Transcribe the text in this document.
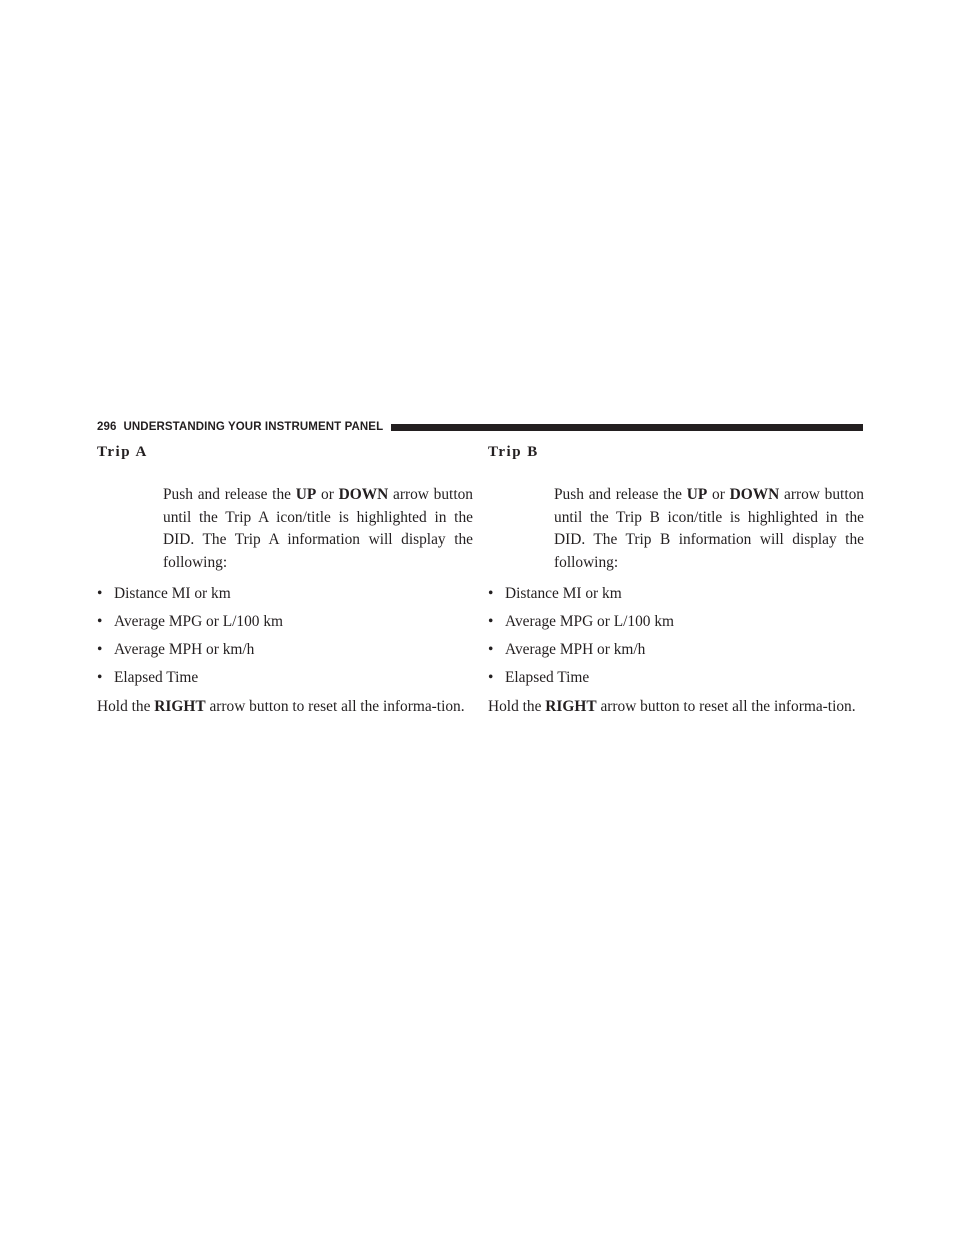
296 UNDERSTANDING YOUR INSTRUMENT PANEL
Trip A

Push and release the UP or DOWN arrow button until the Trip A icon/title is highlighted in the DID. The Trip A information will display the following:

• Distance MI or km
• Average MPG or L/100 km
• Average MPH or km/h
• Elapsed Time

Hold the RIGHT arrow button to reset all the informa-tion.

Trip B

Push and release the UP or DOWN arrow button until the Trip B icon/title is highlighted in the DID. The Trip B information will display the following:

• Distance MI or km
• Average MPG or L/100 km
• Average MPH or km/h
• Elapsed Time

Hold the RIGHT arrow button to reset all the informa-tion.
